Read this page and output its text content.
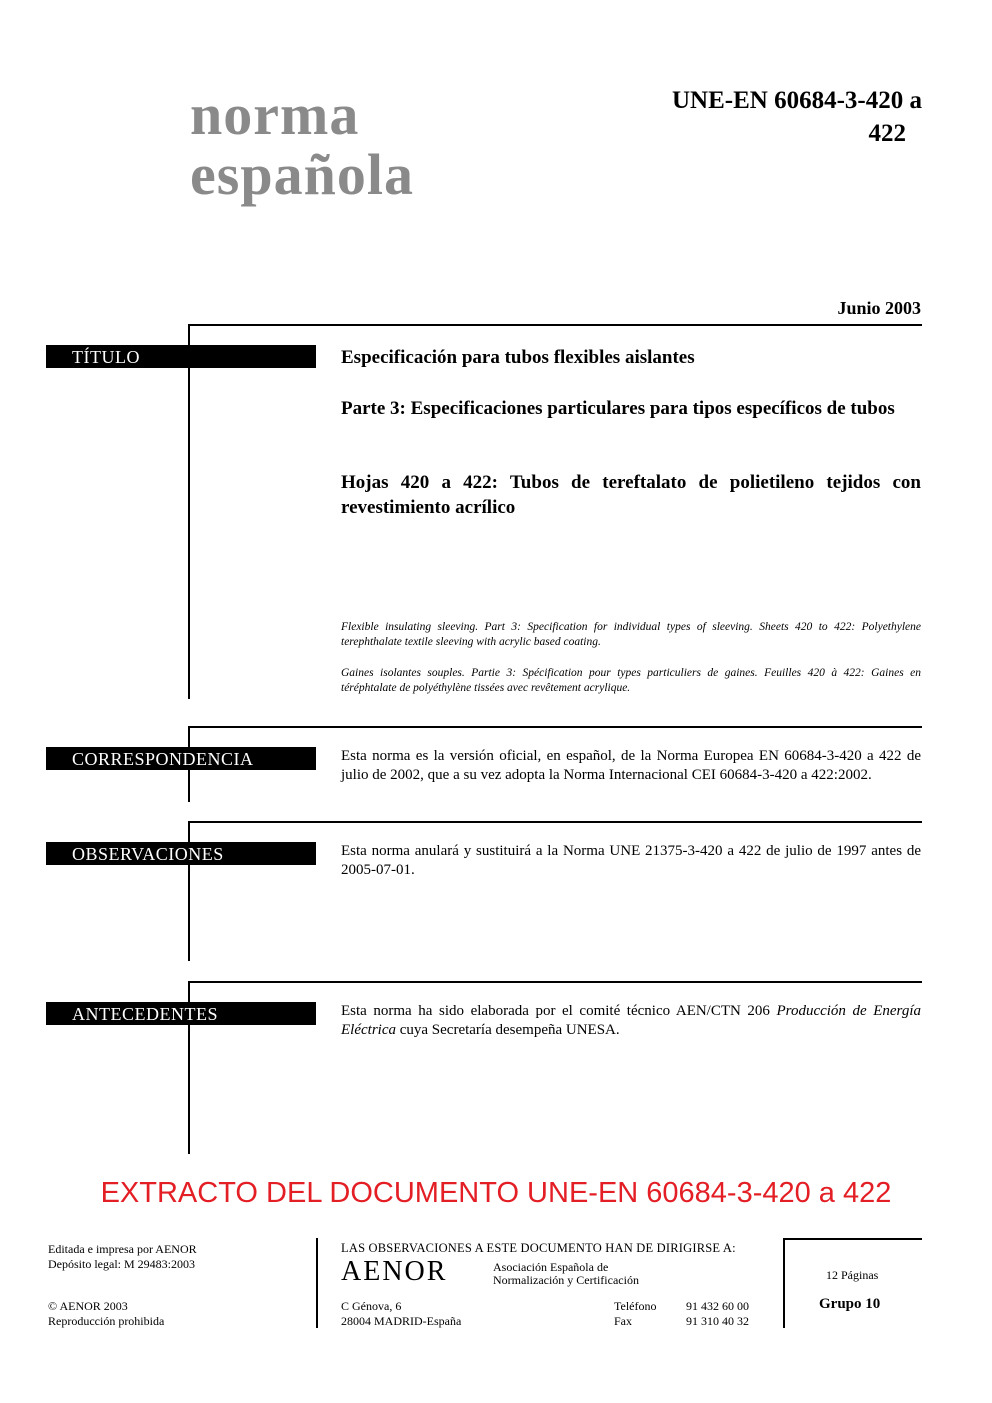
norma
española
UNE-EN 60684-3-420 a
422
Junio 2003
TÍTULO	Especificación para tubos flexibles aislantes
Parte 3: Especificaciones particulares para tipos específicos de tubos
Hojas 420 a 422: Tubos de tereftalato de polietileno tejidos con revestimiento acrílico
Flexible insulating sleeving. Part 3: Specification for individual types of sleeving. Sheets 420 to 422: Polyethylene terephthalate textile sleeving with acrylic based coating.
Gaines isolantes souples. Partie 3: Spécification pour types particuliers de gaines. Feuilles 420 à 422: Gaines en téréphtalate de polyéthylène tissées avec revêtement acrylique.
CORRESPONDENCIA	Esta norma es la versión oficial, en español, de la Norma Europea EN 60684-3-420 a 422 de julio de 2002, que a su vez adopta la Norma Internacional CEI 60684-3-420 a 422:2002.
OBSERVACIONES	Esta norma anulará y sustituirá a la Norma UNE 21375-3-420 a 422 de julio de 1997 antes de 2005-07-01.
ANTECEDENTES	Esta norma ha sido elaborada por el comité técnico AEN/CTN 206 Producción de Energía Eléctrica cuya Secretaría desempeña UNESA.
EXTRACTO DEL DOCUMENTO UNE-EN 60684-3-420 a 422
Editada e impresa por AENOR
Depósito legal: M 29483:2003
© AENOR 2003
Reproducción prohibida
LAS OBSERVACIONES A ESTE DOCUMENTO HAN DE DIRIGIRSE A:
AENOR	Asociación Española de
Normalización y Certificación
C Génova, 6
28004 MADRID-España
Teléfono 91 432 60 00
Fax	91 310 40 32
12 Páginas
Grupo 10
